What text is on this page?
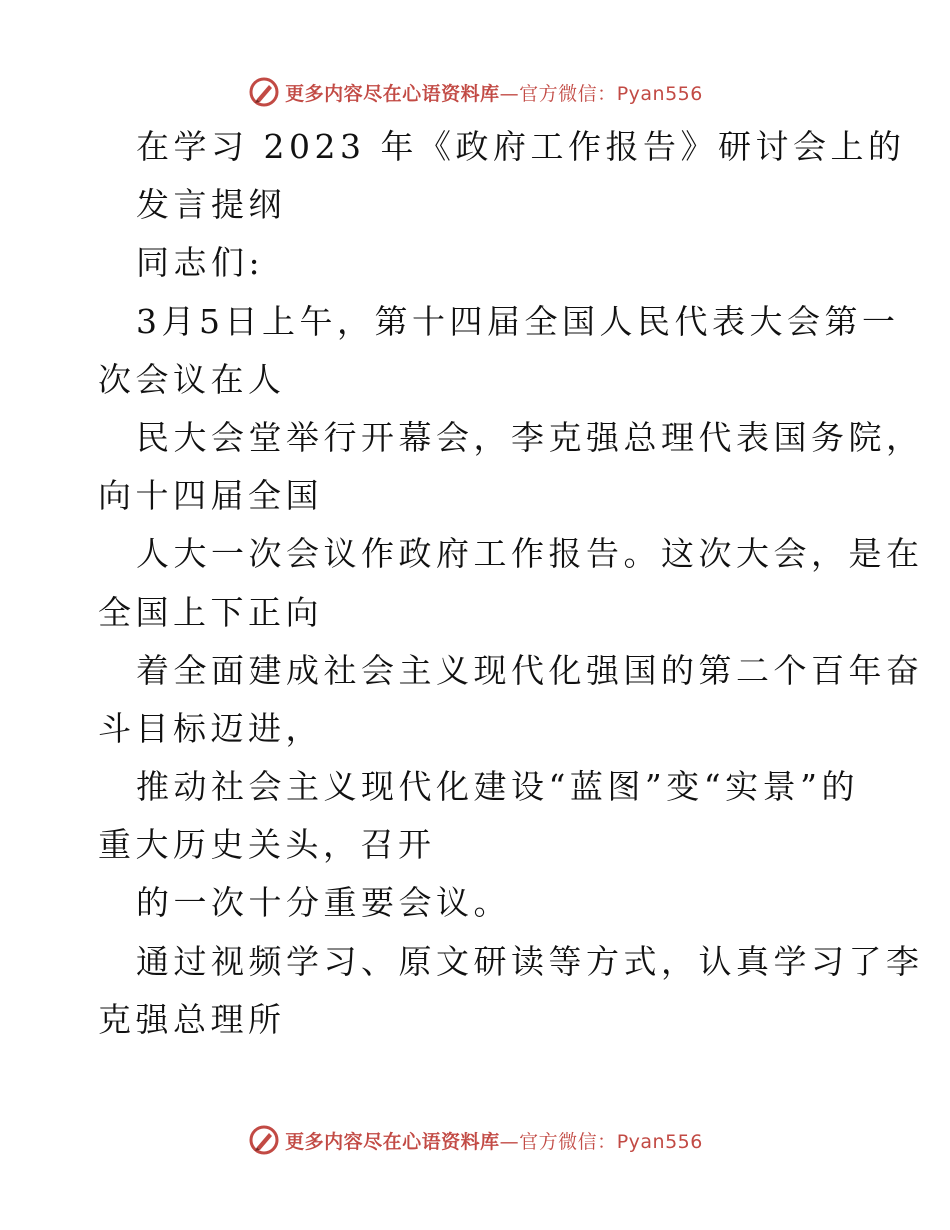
更多内容尽在心语资料库—官方微信：Pyan556
在学习 2023 年《政府工作报告》研讨会上的
发言提纲
同志们:
3月5日上午，第十四届全国人民代表大会第一
次会议在人
民大会堂举行开幕会，李克强总理代表国务院，
向十四届全国
人大一次会议作政府工作报告。这次大会，是在
全国上下正向
着全面建成社会主义现代化强国的第二个百年奋
斗目标迈进，
推动社会主义现代化建设“蓝图”变“实景”的
重大历史关头，召开
的一次十分重要会议。
通过视频学习、原文研读等方式，认真学习了李
克强总理所
更多内容尽在心语资料库—官方微信：Pyan556
